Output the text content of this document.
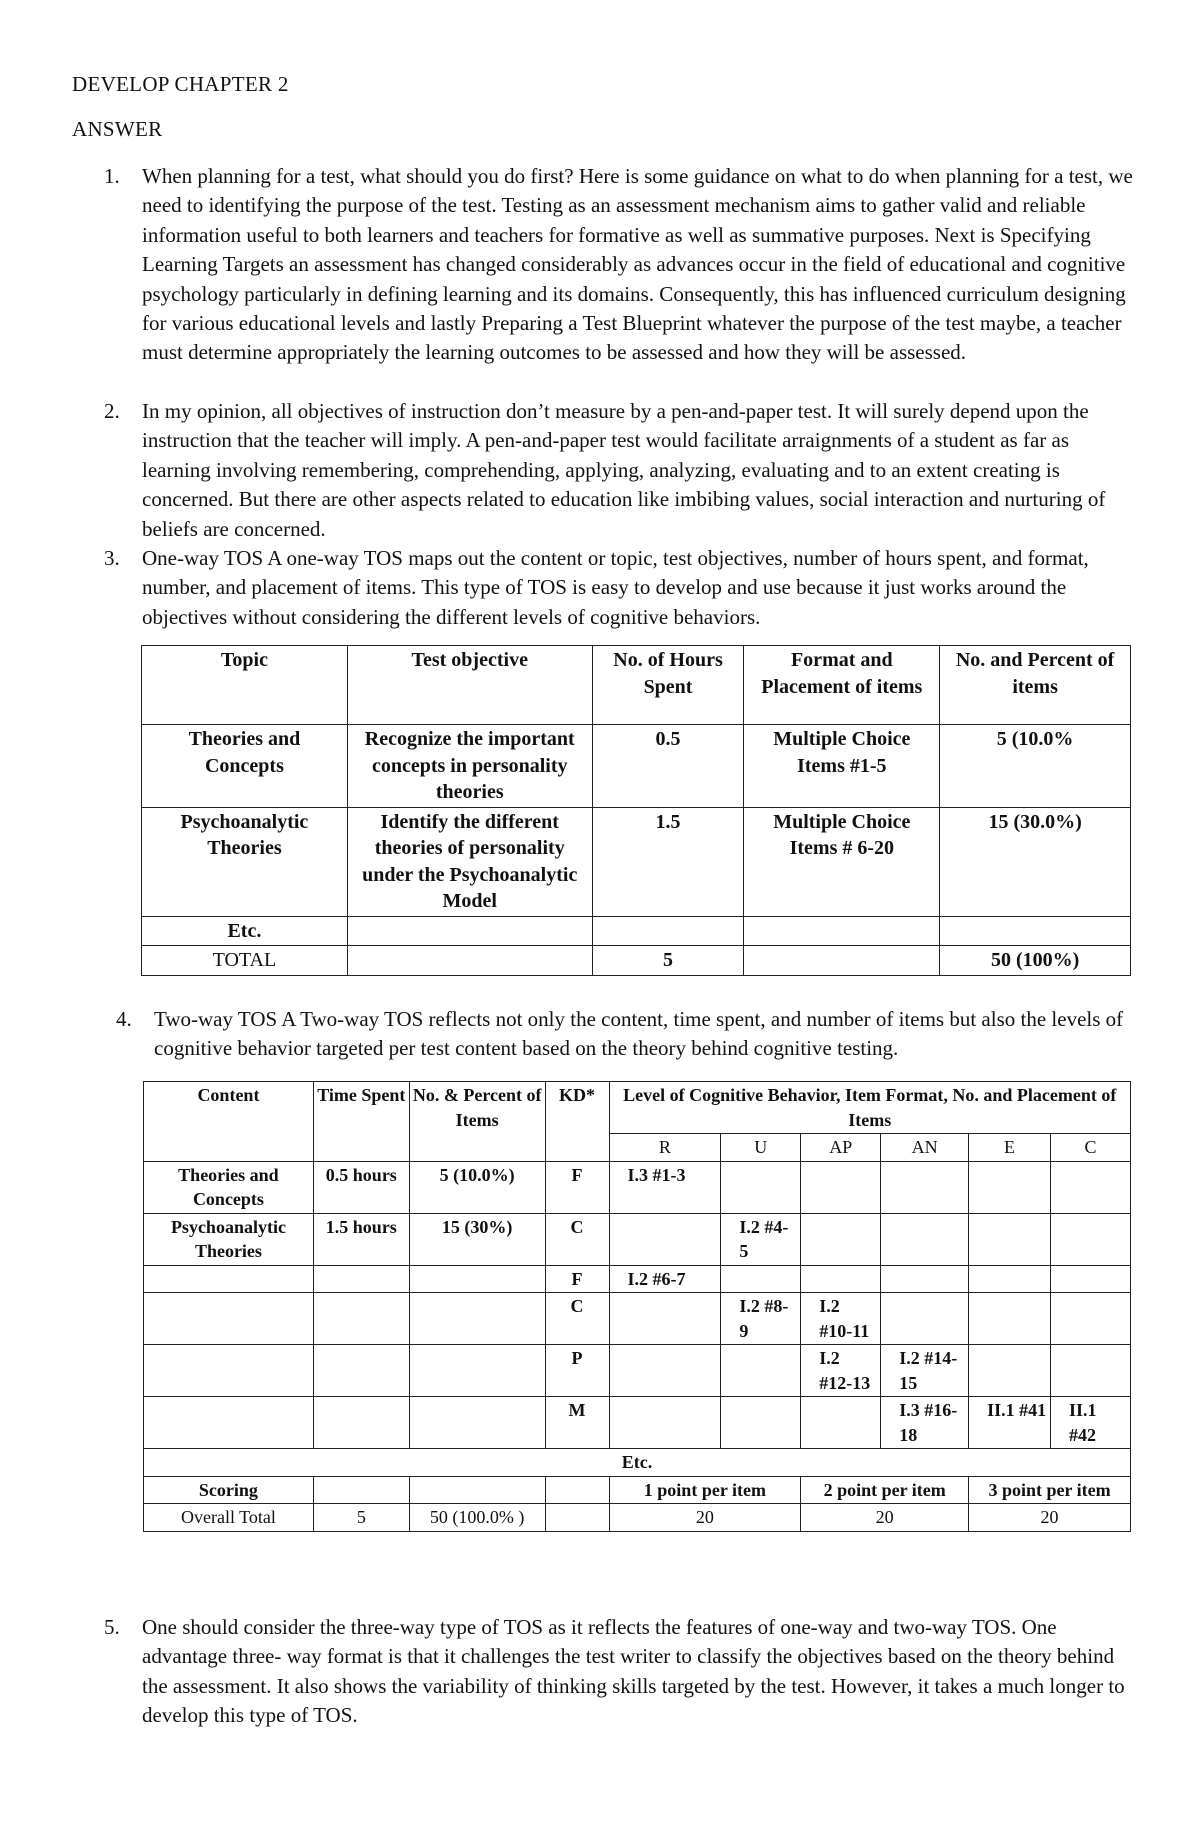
DEVELOP CHAPTER 2
ANSWER
1. When planning for a test, what should you do first? Here is some guidance on what to do when planning for a test, we need to identifying the purpose of the test. Testing as an assessment mechanism aims to gather valid and reliable information useful to both learners and teachers for formative as well as summative purposes. Next is Specifying Learning Targets an assessment has changed considerably as advances occur in the field of educational and cognitive psychology particularly in defining learning and its domains. Consequently, this has influenced curriculum designing for various educational levels and lastly Preparing a Test Blueprint whatever the purpose of the test maybe, a teacher must determine appropriately the learning outcomes to be assessed and how they will be assessed.
2. In my opinion, all objectives of instruction don’t measure by a pen-and-paper test. It will surely depend upon the instruction that the teacher will imply. A pen-and-paper test would facilitate arraignments of a student as far as learning involving remembering, comprehending, applying, analyzing, evaluating and to an extent creating is concerned. But there are other aspects related to education like imbibing values, social interaction and nurturing of beliefs are concerned.
3. One-way TOS A one-way TOS maps out the content or topic, test objectives, number of hours spent, and format, number, and placement of items. This type of TOS is easy to develop and use because it just works around the objectives without considering the different levels of cognitive behaviors.
Topic	Test objective	No. of Hours Spent	Format and Placement of items	No. and Percent of items
Theories and Concepts	Recognize the important concepts in personality theories	0.5	Multiple Choice Items #1-5	5 (10.0%
Psychoanalytic Theories	Identify the different theories of personality under the Psychoanalytic Model	1.5	Multiple Choice Items # 6-20	15 (30.0%)
Etc.				
TOTAL		5		50 (100%)
4. Two-way TOS A Two-way TOS reflects not only the content, time spent, and number of items but also the levels of cognitive behavior targeted per test content based on the theory behind cognitive testing.
Content	Time Spent	No. & Percent of Items	KD*	Level of Cognitive Behavior, Item Format, No. and Placement of Items					
				R	U	AP	AN	E	C
Theories and Concepts	0.5 hours	5 (10.0%)	F	I.3 #1-3					
Psychoanalytic Theories	1.5 hours	15 (30%)	C		I.2 #4-5				
			F	I.2 #6-7					
			C		I.2 #8-9	I.2 #10-11			
			P			I.2 #12-13	I.2 #14-15		
			M				I.3 #16-18	II.1 #41	II.1 #42
Etc.									
Scoring				1 point per item		2 point per item		3 point per item	
Overall Total	5	50 (100.0% )		20		20		20	
5. One should consider the three-way type of TOS as it reflects the features of one-way and two-way TOS. One advantage three- way format is that it challenges the test writer to classify the objectives based on the theory behind the assessment. It also shows the variability of thinking skills targeted by the test. However, it takes a much longer to develop this type of TOS.
